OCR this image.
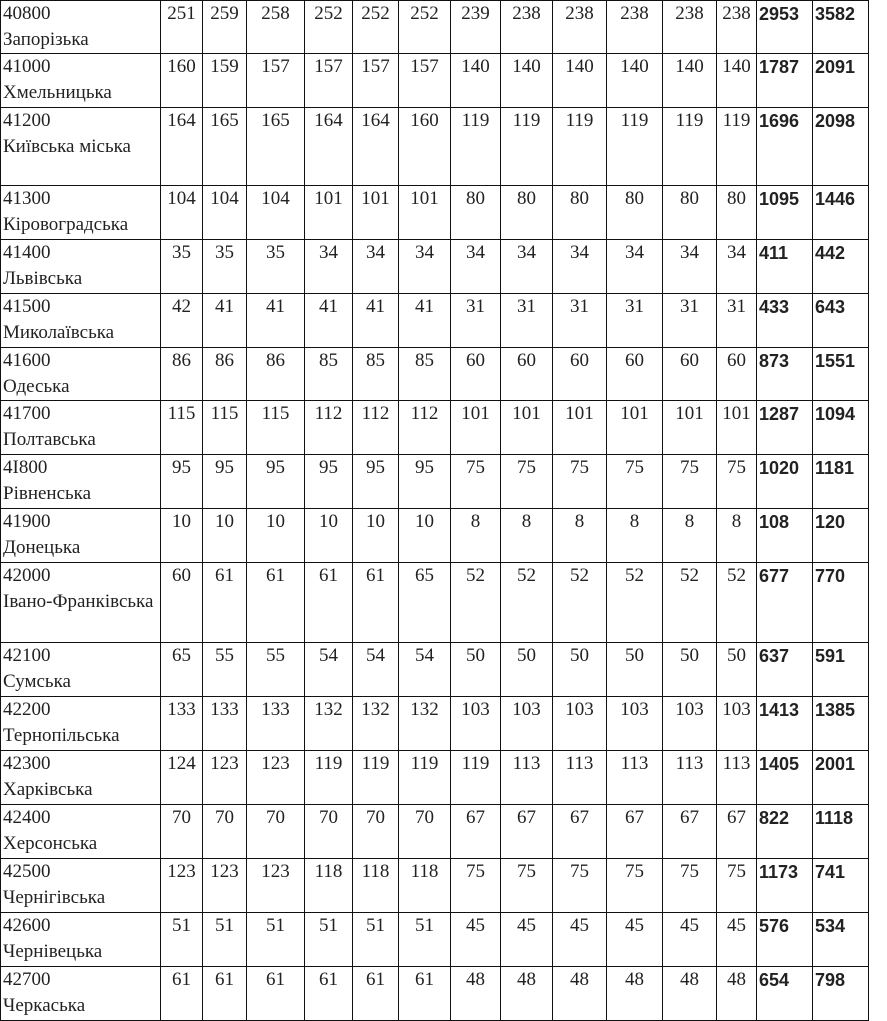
40800
Запорізька	251	259	258	252	252	252	239	238	238	238	238	238	2953	3582

41000
Хмельницька	160	159	157	157	157	157	140	140	140	140	140	140	1787	2091

41200
Київська міська	164	165	165	164	164	160	119	119	119	119	119	119	1696	2098

41300
Кіровоградська	104	104	104	101	101	101	80	80	80	80	80	80	1095	1446

41400
Львівська	35	35	35	34	34	34	34	34	34	34	34	34	411	442

41500
Миколаївська	42	41	41	41	41	41	31	31	31	31	31	31	433	643

41600
Одеська	86	86	86	85	85	85	60	60	60	60	60	60	873	1551

41700
Полтавська	115	115	115	112	112	112	101	101	101	101	101	101	1287	1094

4I800
Рівненська	95	95	95	95	95	95	75	75	75	75	75	75	1020	1181

41900
Донецька	10	10	10	10	10	10	8	8	8	8	8	8	108	120

42000
Івано-Франківська	60	61	61	61	61	65	52	52	52	52	52	52	677	770

42100
Сумська	65	55	55	54	54	54	50	50	50	50	50	50	637	591

42200
Тернопільська	133	133	133	132	132	132	103	103	103	103	103	103	1413	1385

42300
Харківська	124	123	123	119	119	119	119	113	113	113	113	113	1405	2001

42400
Херсонська	70	70	70	70	70	70	67	67	67	67	67	67	822	1118

42500
Чернігівська	123	123	123	118	118	118	75	75	75	75	75	75	1173	741

42600
Чернівецька	51	51	51	51	51	51	45	45	45	45	45	45	576	534

42700
Черкаська	61	61	61	61	61	61	48	48	48	48	48	48	654	798
